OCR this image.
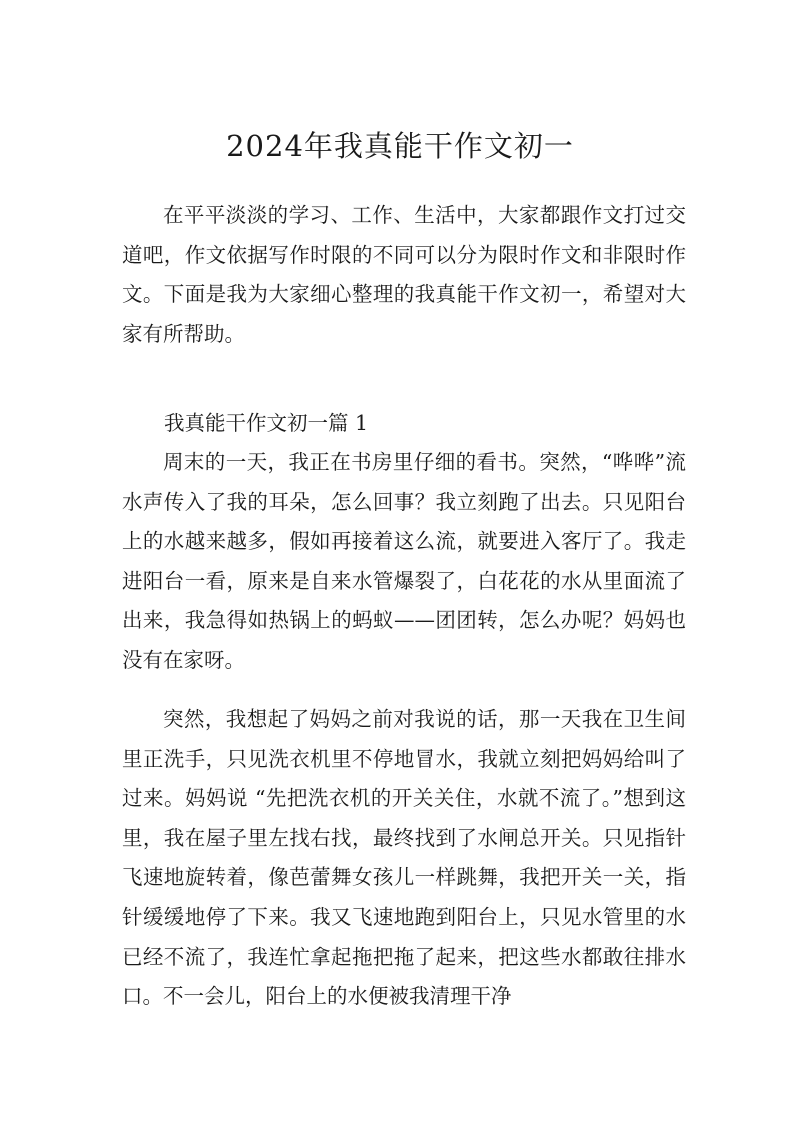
2024年我真能干作文初一

在平平淡淡的学习、工作、生活中，大家都跟作文打过交道吧，作文依据写作时限的不同可以分为限时作文和非限时作文。下面是我为大家细心整理的我真能干作文初一，希望对大家有所帮助。

我真能干作文初一篇 1

周末的一天，我正在书房里仔细的看书。突然，“哗哗”流水声传入了我的耳朵，怎么回事？我立刻跑了出去。只见阳台上的水越来越多，假如再接着这么流，就要进入客厅了。我走进阳台一看，原来是自来水管爆裂了，白花花的水从里面流了出来，我急得如热锅上的蚂蚁——团团转，怎么办呢？妈妈也没有在家呀。

突然，我想起了妈妈之前对我说的话，那一天我在卫生间里正洗手，只见洗衣机里不停地冒水，我就立刻把妈妈给叫了过来。妈妈说 “先把洗衣机的开关关住，水就不流了。”想到这里，我在屋子里左找右找，最终找到了水闸总开关。只见指针飞速地旋转着，像芭蕾舞女孩儿一样跳舞，我把开关一关，指针缓缓地停了下来。我又飞速地跑到阳台上，只见水管里的水已经不流了，我连忙拿起拖把拖了起来，把这些水都敢往排水口。不一会儿，阳台上的水便被我清理干净
